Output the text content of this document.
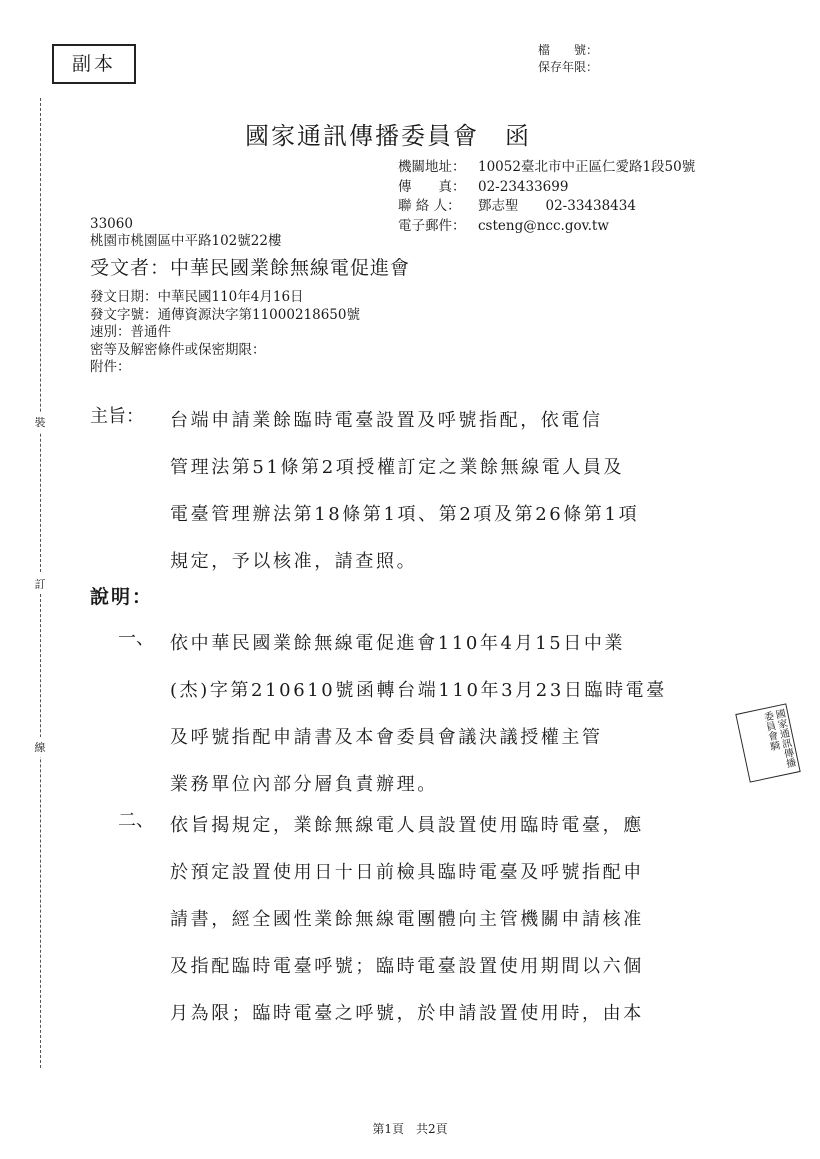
副本
檔　　號：
保存年限：
裝
訂
線
國家通訊傳播委員會　函
機關地址： 10052臺北市中正區仁愛路1段50號
傳　　真： 02-23433699
聯 絡 人： 鄧志聖　　02-33438434
電子郵件： csteng@ncc.gov.tw
33060
桃園市桃園區中平路102號22樓
受文者：中華民國業餘無線電促進會
發文日期：中華民國110年4月16日
發文字號：通傳資源決字第11000218650號
速別：普通件
密等及解密條件或保密期限：
附件：
主旨： 台端申請業餘臨時電臺設置及呼號指配，依電信
管理法第51條第2項授權訂定之業餘無線電人員及
電臺管理辦法第18條第1項、第2項及第26條第1項
規定，予以核准，請查照。
說明：
一、 依中華民國業餘無線電促進會110年4月15日中業
(杰)字第210610號函轉台端110年3月23日臨時電臺
及呼號指配申請書及本會委員會議決議授權主管
業務單位內部分層負責辦理。
二、 依旨揭規定，業餘無線電人員設置使用臨時電臺，應
於預定設置使用日十日前檢具臨時電臺及呼號指配申
請書，經全國性業餘無線電團體向主管機關申請核准
及指配臨時電臺呼號；臨時電臺設置使用期間以六個
月為限；臨時電臺之呼號，於申請設置使用時，由本
國家通訊傳播委員會騎
第1頁　共2頁
